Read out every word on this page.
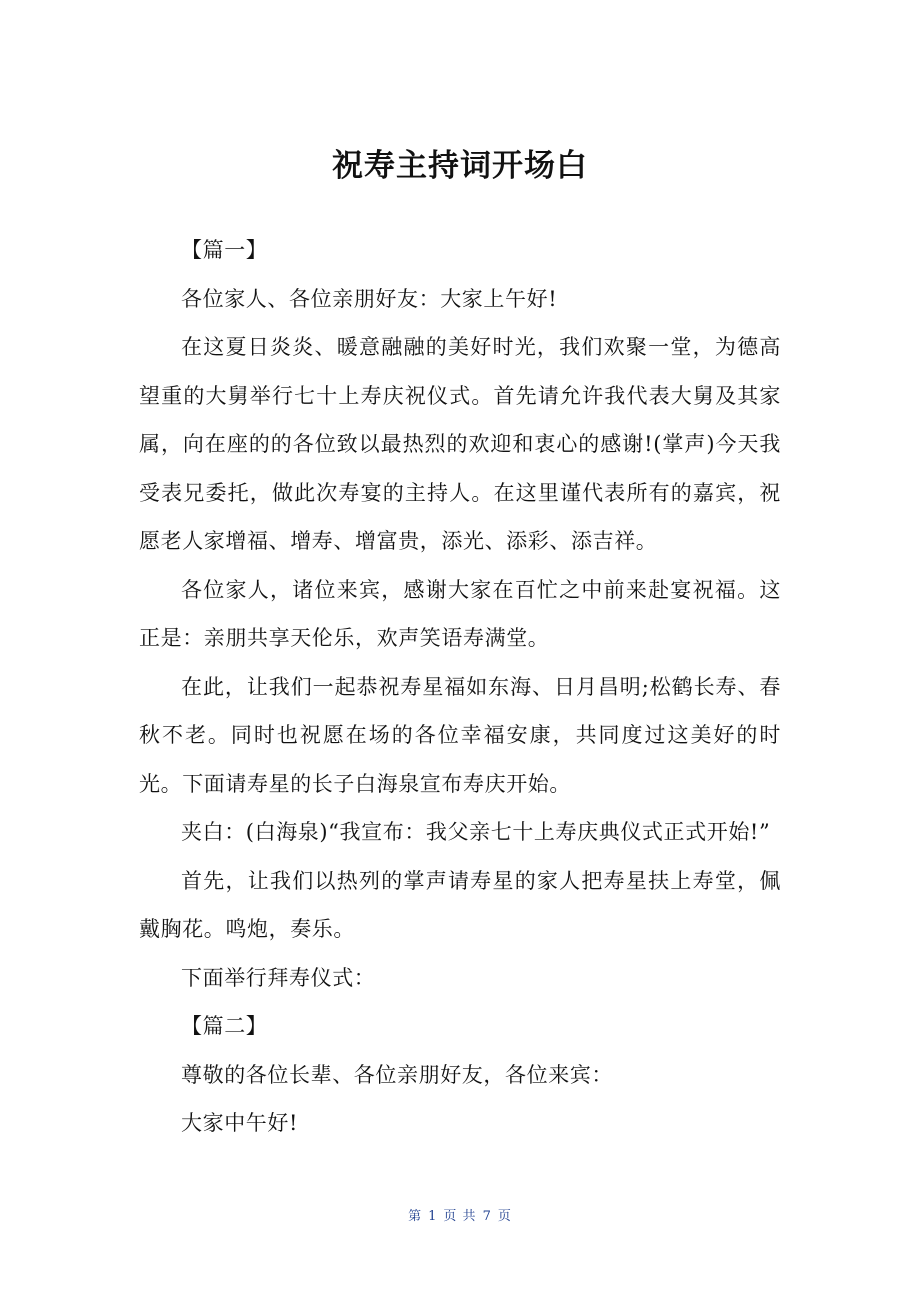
祝寿主持词开场白

【篇一】

各位家人、各位亲朋好友：大家上午好!

在这夏日炎炎、暖意融融的美好时光，我们欢聚一堂，为德高望重的大舅举行七十上寿庆祝仪式。首先请允许我代表大舅及其家属，向在座的的各位致以最热烈的欢迎和衷心的感谢!(掌声)今天我受表兄委托，做此次寿宴的主持人。在这里谨代表所有的嘉宾，祝愿老人家增福、增寿、增富贵，添光、添彩、添吉祥。

各位家人，诸位来宾，感谢大家在百忙之中前来赴宴祝福。这正是：亲朋共享天伦乐，欢声笑语寿满堂。

在此，让我们一起恭祝寿星福如东海、日月昌明;松鹤长寿、春秋不老。同时也祝愿在场的各位幸福安康，共同度过这美好的时光。下面请寿星的长子白海泉宣布寿庆开始。

夹白：(白海泉)“我宣布：我父亲七十上寿庆典仪式正式开始!”

首先，让我们以热列的掌声请寿星的家人把寿星扶上寿堂，佩戴胸花。鸣炮，奏乐。

下面举行拜寿仪式：

【篇二】

尊敬的各位长辈、各位亲朋好友，各位来宾：

大家中午好!

第 1 页 共 7 页
